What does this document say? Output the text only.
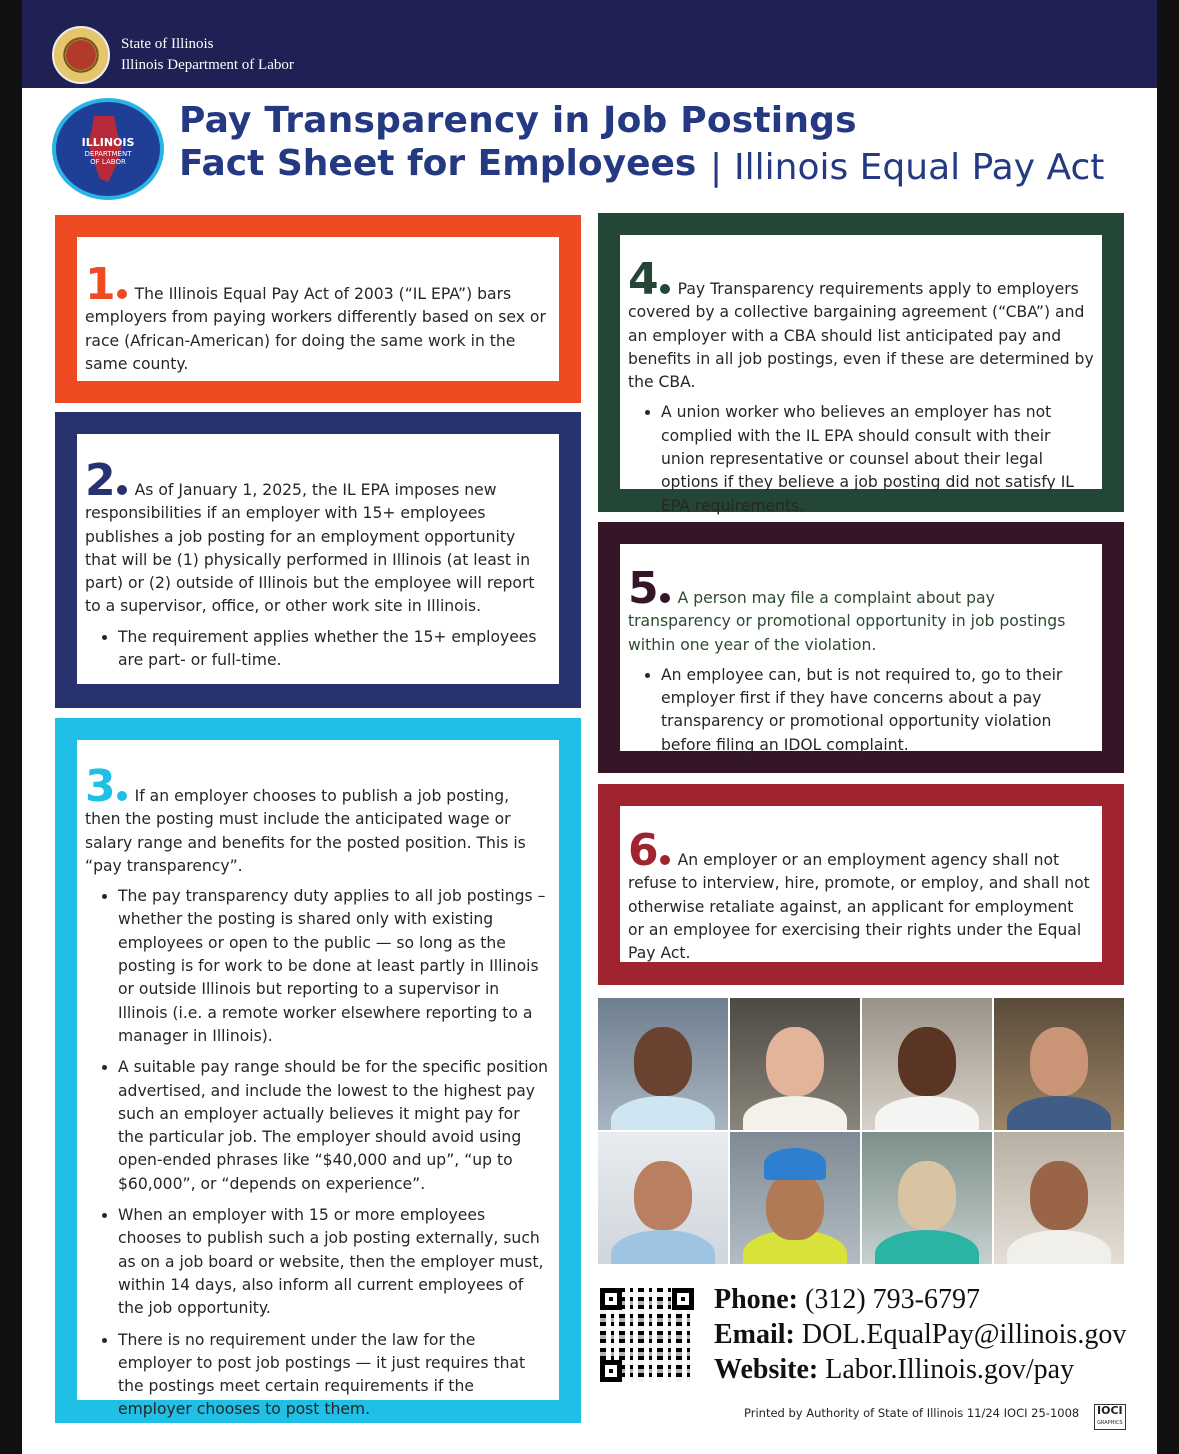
State of Illinois
Illinois Department of Labor
ILLINOIS
DEPARTMENT
OF LABOR
Pay Transparency in Job Postings
Fact Sheet for Employees | Illinois Equal Pay Act
1 The Illinois Equal Pay Act of 2003 (“IL EPA”) bars employers from paying workers differently based on sex or race (African-American) for doing the same work in the same county.
2 As of January 1, 2025, the IL EPA imposes new responsibilities if an employer with 15+ employees publishes a job posting for an employment opportunity that will be (1) physically performed in Illinois (at least in part) or (2) outside of Illinois but the employee will report to a supervisor, office, or other work site in Illinois.
• The requirement applies whether the 15+ employees are part- or full-time.
3 If an employer chooses to publish a job posting, then the posting must include the anticipated wage or salary range and benefits for the posted position. This is “pay transparency”.
• The pay transparency duty applies to all job postings – whether the posting is shared only with existing employees or open to the public — so long as the posting is for work to be done at least partly in Illinois or outside Illinois but reporting to a supervisor in Illinois (i.e. a remote worker elsewhere reporting to a manager in Illinois).
• A suitable pay range should be for the specific position advertised, and include the lowest to the highest pay such an employer actually believes it might pay for the particular job. The employer should avoid using open-ended phrases like “$40,000 and up”, “up to $60,000”, or “depends on experience”.
• When an employer with 15 or more employees chooses to publish such a job posting externally, such as on a job board or website, then the employer must, within 14 days, also inform all current employees of the job opportunity.
• There is no requirement under the law for the employer to post job postings — it just requires that the postings meet certain requirements if the employer chooses to post them.
4 Pay Transparency requirements apply to employers covered by a collective bargaining agreement (“CBA”) and an employer with a CBA should list anticipated pay and benefits in all job postings, even if these are determined by the CBA.
• A union worker who believes an employer has not complied with the IL EPA should consult with their union representative or counsel about their legal options if they believe a job posting did not satisfy IL EPA requirements.
5 A person may file a complaint about pay transparency or promotional opportunity in job postings within one year of the violation.
• An employee can, but is not required to, go to their employer first if they have concerns about a pay transparency or promotional opportunity violation before filing an IDOL complaint.
6 An employer or an employment agency shall not refuse to interview, hire, promote, or employ, and shall not otherwise retaliate against, an applicant for employment or an employee for exercising their rights under the Equal Pay Act.
Phone: (312) 793-6797
Email: DOL.EqualPay@illinois.gov
Website: Labor.Illinois.gov/pay
Printed by Authority of State of Illinois 11/24 IOCI 25-1008 IOCI
GRAPHICS
